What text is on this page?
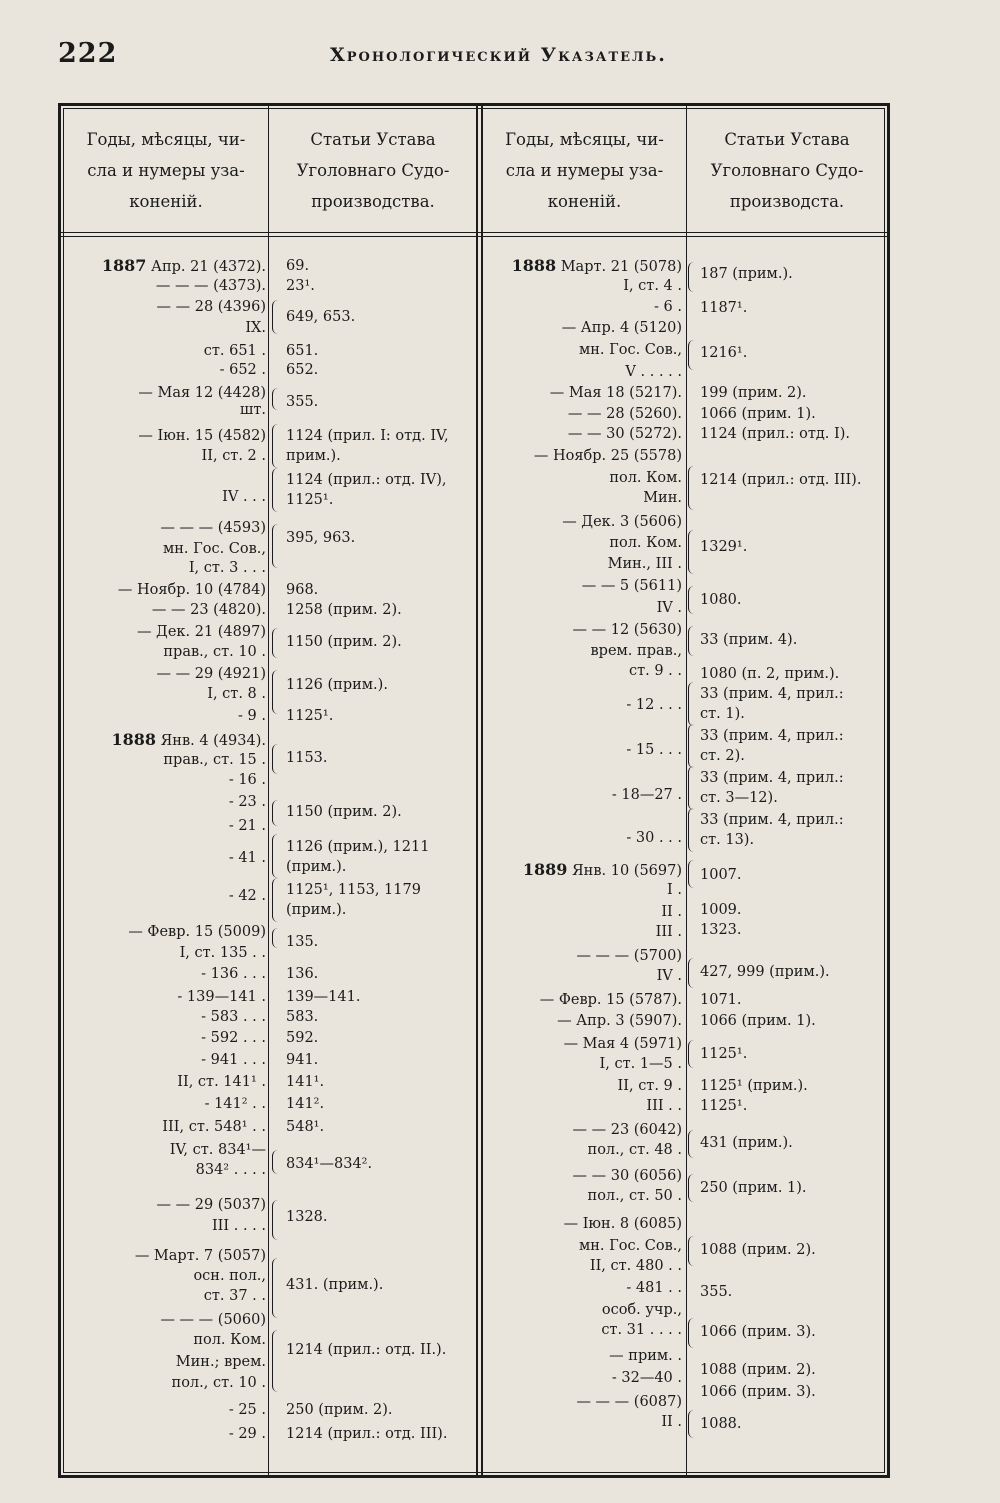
222	Хронологический Указатель.
Годы, мѣсяцы, чи-
сла и нумеры уза-
коненій.
Статьи Устава
Уголовнаго Судо-
производства.
Годы, мѣсяцы, чи-
сла и нумеры уза-
коненій.
Статьи Устава
Уголовнаго Судо-
производста.
1887 Апр. 21 (4372).
— — — (4373).
— — 28 (4396)
IX.
ст. 651 .
- 652 .
— Мая 12 (4428)
шт.
— Іюн. 15 (4582)
II, ст. 2 .
IV . . .
— — — (4593)
мн. Гос. Сов.,
I, ст. 3 . . .
— Ноябр. 10 (4784)
— — 23 (4820).
— Дек. 21 (4897)
прав., ст. 10 .
— — 29 (4921)
I, ст. 8 .
- 9 .
1888 Янв. 4 (4934).
прав., ст. 15 .
- 16 .
- 23 .
- 21 .
- 41 .
- 42 .
— Февр. 15 (5009)
I, ст. 135 . .
- 136 . . .
- 139—141 .
- 583 . . .
- 592 . . .
- 941 . . .
II, ст. 141¹ .
- 141² . .
III, ст. 548¹ . .
IV, ст. 834¹—
834² . . . .
— — 29 (5037)
III . . . .
— Март. 7 (5057)
осн. пол.,
ст. 37 . .
— — — (5060)
пол. Ком.
Мин.; врем.
пол., ст. 10 .
- 25 .
- 29 .
69.
23¹.
649, 653.
651.
652.
355.
1124 (прил. I: отд. IV,
прим.).
1124 (прил.: отд. IV),
1125¹.
395, 963.
968.
1258 (прим. 2).
1150 (прим. 2).
1126 (прим.).
1125¹.
1153.
1150 (прим. 2).
1126 (прим.), 1211
(прим.).
1125¹, 1153, 1179
(прим.).
135.
136.
139—141.
583.
592.
941.
141¹.
141².
548¹.
834¹—834².
1328.
431. (прим.).
1214 (прил.: отд. II.).
250 (прим. 2).
1214 (прил.: отд. III).
1888 Март. 21 (5078)
I, ст. 4 .
- 6 .
— Апр. 4 (5120)
мн. Гос. Сов.,
V . . . . .
— Мая 18 (5217).
— — 28 (5260).
— — 30 (5272).
— Ноябр. 25 (5578)
пол. Ком.
Мин.
— Дек. 3 (5606)
пол. Ком.
Мин., III .
— — 5 (5611)
IV .
— — 12 (5630)
врем. прав.,
ст. 9 . .
- 12 . . .
- 15 . . .
- 18—27 .
- 30 . . .
1889 Янв. 10 (5697)
I .
II .
III .
— — — (5700)
IV .
— Февр. 15 (5787).
— Апр. 3 (5907).
— Мая 4 (5971)
I, ст. 1—5 .
II, ст. 9 .
III . .
— — 23 (6042)
пол., ст. 48 .
— — 30 (6056)
пол., ст. 50 .
— Іюн. 8 (6085)
мн. Гос. Сов.,
II, ст. 480 . .
- 481 . .
особ. учр.,
ст. 31 . . . .
— прим. .
- 32—40 .
— — — (6087)
II .
187 (прим.).
1187¹.
1216¹.
199 (прим. 2).
1066 (прим. 1).
1124 (прил.: отд. I).
1214 (прил.: отд. III).
1329¹.
1080.
33 (прим. 4).
1080 (п. 2, прим.).
33 (прим. 4, прил.:
ст. 1).
33 (прим. 4, прил.:
ст. 2).
33 (прим. 4, прил.:
ст. 3—12).
33 (прим. 4, прил.:
ст. 13).
1007.
1009.
1323.
427, 999 (прим.).
1071.
1066 (прим. 1).
1125¹.
1125¹ (прим.).
1125¹.
431 (прим.).
250 (прим. 1).
1088 (прим. 2).
355.
1066 (прим. 3).
1088 (прим. 2).
1066 (прим. 3).
1088.
